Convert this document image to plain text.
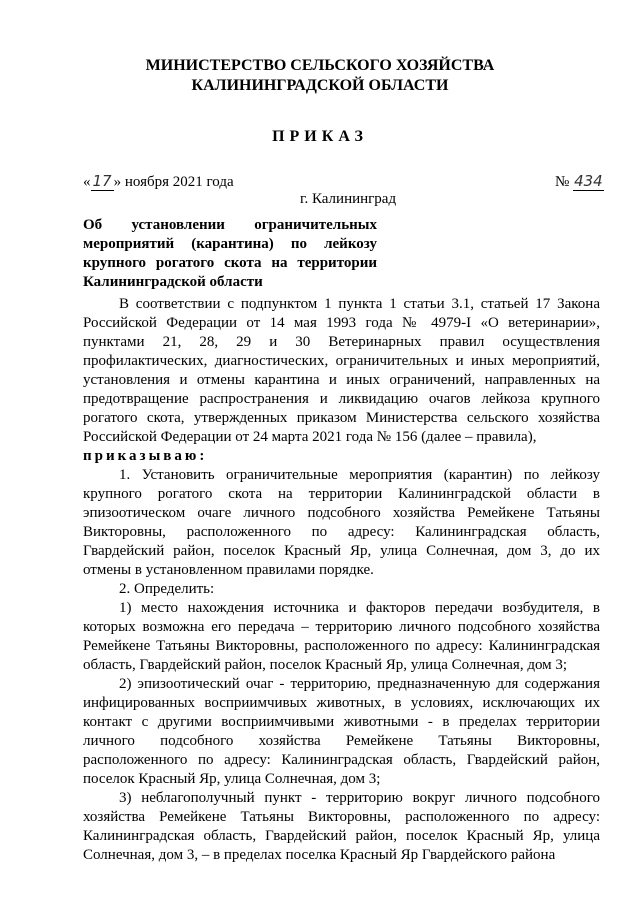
МИНИСТЕРСТВО СЕЛЬСКОГО ХОЗЯЙСТВА
КАЛИНИНГРАДСКОЙ ОБЛАСТИ
ПРИКАЗ
« 17 » ноября 2021 года	№ 434
г. Калининград
Об установлении ограничительных мероприятий (карантина) по лейкозу крупного рогатого скота на территории Калининградской области

В соответствии с подпунктом 1 пункта 1 статьи 3.1, статьей 17 Закона Российской Федерации от 14 мая 1993 года № 4979-I «О ветеринарии», пунктами 21, 28, 29 и 30 Ветеринарных правил осуществления профилактических, диагностических, ограничительных и иных мероприятий, установления и отмены карантина и иных ограничений, направленных на предотвращение распространения и ликвидацию очагов лейкоза крупного рогатого скота, утвержденных приказом Министерства сельского хозяйства Российской Федерации от 24 марта 2021 года № 156 (далее – правила),
приказываю:

1. Установить ограничительные мероприятия (карантин) по лейкозу крупного рогатого скота на территории Калининградской области в эпизоотическом очаге личного подсобного хозяйства Ремейкене Татьяны Викторовны, расположенного по адресу: Калининградская область, Гвардейский район, поселок Красный Яр, улица Солнечная, дом 3, до их отмены в установленном правилами порядке.

2. Определить:

1) место нахождения источника и факторов передачи возбудителя, в которых возможна его передача – территорию личного подсобного хозяйства Ремейкене Татьяны Викторовны, расположенного по адресу: Калининградская область, Гвардейский район, поселок Красный Яр, улица Солнечная, дом 3;

2) эпизоотический очаг - территорию, предназначенную для содержания инфицированных восприимчивых животных, в условиях, исключающих их контакт с другими восприимчивыми животными - в пределах территории личного подсобного хозяйства Ремейкене Татьяны Викторовны, расположенного по адресу: Калининградская область, Гвардейский район, поселок Красный Яр, улица Солнечная, дом 3;

3) неблагополучный пункт - территорию вокруг личного подсобного хозяйства Ремейкене Татьяны Викторовны, расположенного по адресу: Калининградская область, Гвардейский район, поселок Красный Яр, улица Солнечная, дом 3, – в пределах поселка Красный Яр Гвардейского района
